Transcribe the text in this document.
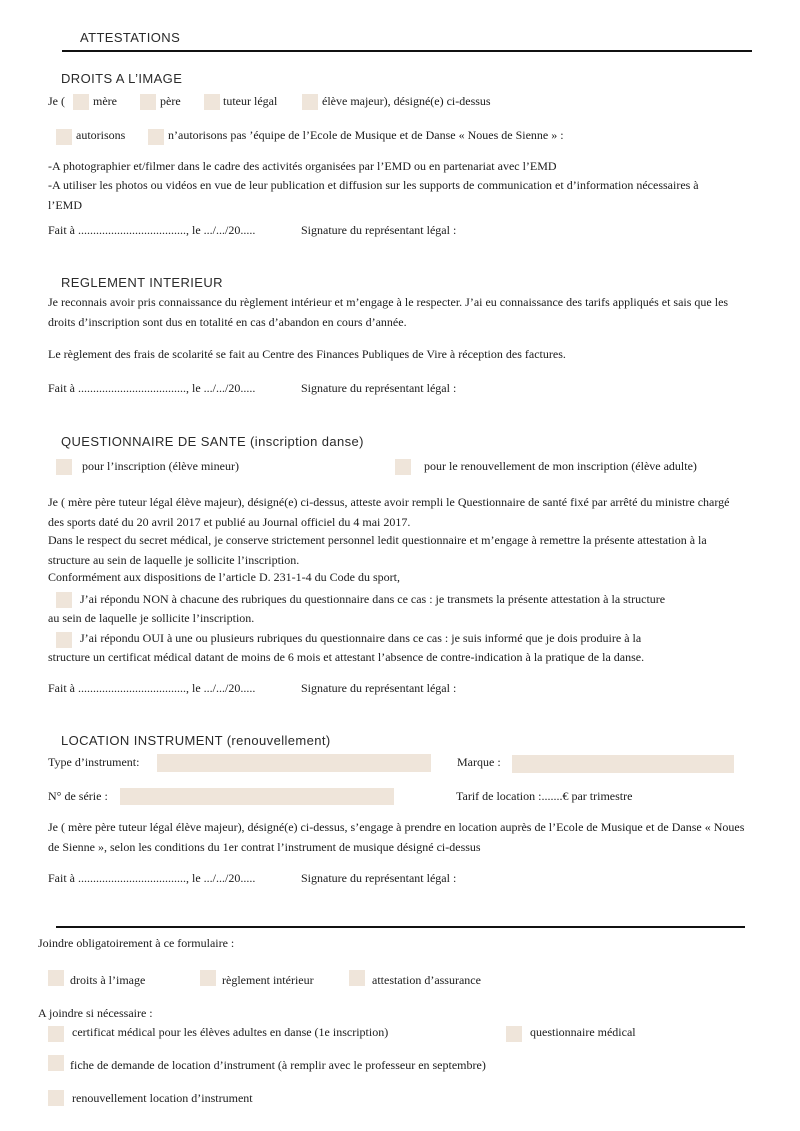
ATTESTATIONS
DROITS A L’IMAGE
Je ( mère	père	tuteur légal	élève majeur), désigné(e) ci-dessus
autorisons	n’autorisons pas ’équipe de l’Ecole de Musique et de Danse « Noues de Sienne » :
-A photographier et/filmer dans le cadre des activités organisées par l’EMD ou en partenariat avec l’EMD
-A utiliser les photos ou vidéos en vue de leur publication et diffusion sur les supports de communication et d’information nécessaires à l’EMD
Fait à ...................................., le .../.../20.....	Signature du représentant légal :
REGLEMENT INTERIEUR
Je reconnais avoir pris connaissance du règlement intérieur et m’engage à le respecter. J’ai eu connaissance des tarifs appliqués et sais que les droits d’inscription sont dus en totalité en cas d’abandon en cours d’année.
Le règlement des frais de scolarité se fait au Centre des Finances Publiques de Vire à réception des factures.
Fait à ...................................., le .../.../20.....	Signature du représentant légal :
QUESTIONNAIRE DE SANTE (inscription danse)
pour l’inscription (élève mineur)	pour le renouvellement de mon inscription (élève adulte)
Je ( mère père tuteur légal élève majeur), désigné(e) ci-dessus, atteste avoir rempli le Questionnaire de santé fixé par arrêté du ministre chargé des sports daté du 20 avril 2017 et publié au Journal officiel du 4 mai 2017.
Dans le respect du secret médical, je conserve strictement personnel ledit questionnaire et m’engage à remettre la présente attestation à la structure au sein de laquelle je sollicite l’inscription.
Conformément aux dispositions de l’article D. 231-1-4 du Code du sport,
J’ai répondu NON à chacune des rubriques du questionnaire dans ce cas : je transmets la présente attestation à la structure
au sein de laquelle je sollicite l’inscription.
J’ai répondu OUI à une ou plusieurs rubriques du questionnaire dans ce cas : je suis informé que je dois produire à la
structure un certificat médical datant de moins de 6 mois et attestant l’absence de contre-indication à la pratique de la danse.
Fait à ...................................., le .../.../20.....	Signature du représentant légal :
LOCATION INSTRUMENT (renouvellement)
Type d’instrument:	Marque :
N° de série :	Tarif de location :.......€ par trimestre
Je ( mère père tuteur légal élève majeur), désigné(e) ci-dessus, s’engage à prendre en location auprès de l’Ecole de Musique et de Danse « Noues de Sienne », selon les conditions du 1er contrat l’instrument de musique désigné ci-dessus
Fait à ...................................., le .../.../20.....	Signature du représentant légal :
Joindre obligatoirement à ce formulaire :
droits à l’image	règlement intérieur	attestation d’assurance
A joindre si nécessaire :
certificat médical pour les élèves adultes en danse (1e inscription)	questionnaire médical
fiche de demande de location d’instrument (à remplir avec le professeur en septembre)
renouvellement location d’instrument
